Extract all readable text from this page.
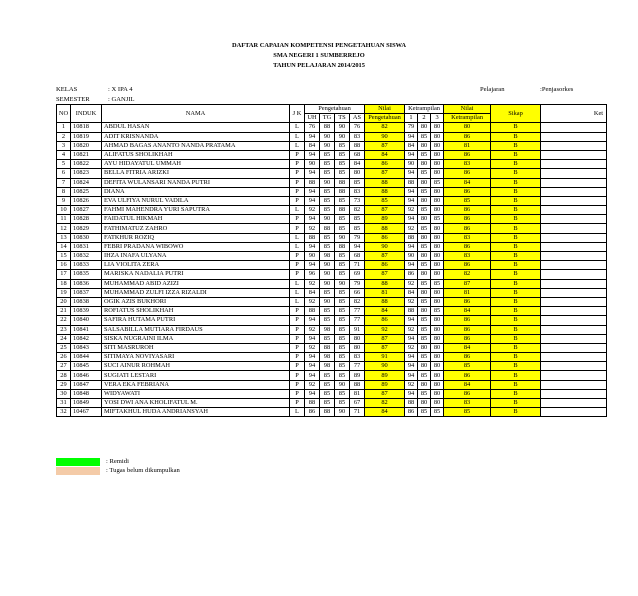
DAFTAR CAPAIAN KOMPETENSI PENGETAHUAN SISWA
SMA NEGERI 1 SUMBERREJO
TAHUN PELAJARAN 2014/2015
KELAS	: X IPA 4	Pelajaran	:Penjasorkes
SEMESTER	: GANJIL
NO	INDUK	NAMA	J K	Pengetahuan				Nilai	Ketrampilan			Nilai	Sikap	Ket
				UH	TG	TS	AS	Pengetahuan	1	2	3	Ketrampilan		
1	10818	ABDUL HASAN	L	76	88	90	76	82	79	80	80	80	B	
2	10819	ADIT KRISNANDA	L	94	90	90	83	90	94	85	80	86	B	
3	10820	AHMAD BAGAS ANANTO NANDA PRATAMA	L	84	90	85	88	87	84	80	80	81	B	
4	10821	ALIFATUS SHOLIKHAH	P	94	85	85	68	84	94	85	80	86	B	
5	10822	AYU HIDAYATUL UMMAH	P	90	85	85	84	86	90	80	80	83	B	
6	10823	BELLA FITRIA ARIZKI	P	94	85	85	80	87	94	85	80	86	B	
7	10824	DEFITA WULANSARI NANDA PUTRI	P	88	90	88	85	88	88	80	85	84	B	
8	10825	DIANA	P	94	85	88	83	88	94	85	80	86	B	
9	10826	EVA ULFIYA NURUL VADILA	P	94	85	85	73	85	94	80	80	85	B	
10	10827	FAHMI MAHENDRA YURI SAPUTRA	L	92	85	88	82	87	92	85	80	86	B	
11	10828	FAIDATUL HIKMAH	P	94	90	85	85	89	94	80	85	86	B	
12	10829	FATHIMATUZ ZAHRO	P	92	88	85	85	88	92	85	80	86	B	
13	10830	FATKHUR ROZIQ	L	88	85	90	79	86	88	80	80	83	B	
14	10831	FEBRI PRADANA WIBOWO	L	94	85	88	94	90	94	85	80	86	B	
15	10832	IHZA INAFA ULYANA	P	90	98	85	68	87	90	80	80	83	B	
16	10833	LIA VIOLITA ZERA	P	94	90	85	71	86	94	85	80	86	B	
17	10835	MARISKA NADALIA PUTRI	P	96	90	85	69	87	86	80	80	82	B	
18	10836	MUHAMMAD ABID AZIZI	L	92	90	90	79	88	92	85	85	87	B	
19	10837	MUHAMMAD ZULFI IZZA RIZALDI	L	84	85	85	66	81	84	80	80	81	B	
20	10838	OGIK AZIS BUKHORI	L	92	90	85	82	88	92	85	80	86	B	
21	10839	ROFIATUS SHOLIKHAH	P	88	85	85	77	84	88	80	85	84	B	
22	10840	SAFIRA HUTAMA PUTRI	P	94	85	85	77	86	94	85	80	86	B	
23	10841	SALSABILLA MUTIARA FIRDAUS	P	92	98	85	91	92	92	85	80	86	B	
24	10842	SISKA NUGRAINI ILMA	P	94	85	85	80	87	94	85	80	86	B	
25	10843	SITI MASRUROH	P	92	88	85	80	87	92	80	80	84	B	
26	10844	SITIMAYA NOVIYASARI	P	94	98	85	83	91	94	85	80	86	B	
27	10845	SUCI AINUR ROHMAH	P	94	98	85	77	90	94	80	80	85	B	
28	10846	SUGIATI LESTARI	P	94	85	85	89	89	94	85	80	86	B	
29	10847	VERA EKA FEBRIANA	P	92	85	90	88	89	92	80	80	84	B	
30	10848	WIDYAWATI	P	94	85	85	81	87	94	85	80	86	B	
31	10849	YOSI DWI ANA KHOLIFATUL M.	P	88	85	85	67	82	88	80	80	83	B	
32	10467	MIFTAKHUL HUDA ANDRIANSYAH	L	86	88	90	71	84	86	85	85	85	B	
: Remidi
: Tugas belum dikumpulkan
